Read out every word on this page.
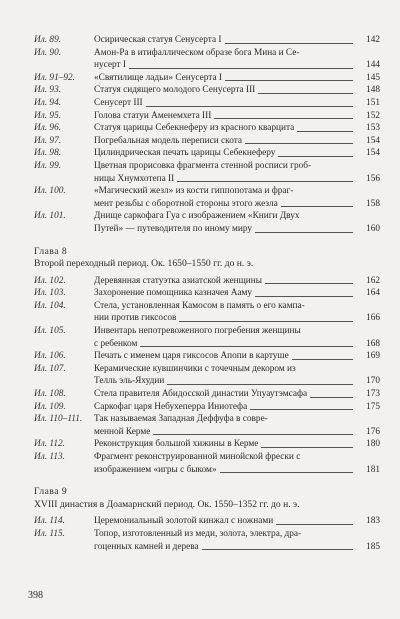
Ил. 89.	Осирическая статуя Сенусерта I	142
Ил. 90.	Амон-Ра в итифаллическом образе бога Мина и Се-
нусерт I	144
Ил. 91–92.	«Святилище ладьи» Сенусерта I	145
Ил. 93.	Статуя сидящего молодого Сенусерта III	148
Ил. 94.	Сенусерт III	151
Ил. 95.	Голова статуи Аменемхета III	152
Ил. 96.	Статуя царицы Себекнеферу из красного кварцита	153
Ил. 97.	Погребальная модель переписи скота	154
Ил. 98.	Цилиндрическая печать царицы Себекнеферу	154
Ил. 99.	Цветная прорисовка фрагмента стенной росписи гроб-
ницы Хнумхотепа II	156
Ил. 100.	«Магический жезл» из кости гиппопотама и фраг-
мент резьбы с оборотной стороны этого жезла	158
Ил. 101.	Днище саркофага Гуа с изображением «Книги Двух
Путей» — путеводителя по иному миру	160
Глава 8
Второй переходный период. Ок. 1650–1550 гг. до н. э.
Ил. 102.	Деревянная статуэтка азиатской женщины	162
Ил. 103.	Захоронение помощника казначея Ааму	164
Ил. 104.	Стела, установленная Камосом в память о его кампа-
нии против гиксосов	166
Ил. 105.	Инвентарь непотревоженного погребения женщины
с ребенком	168
Ил. 106.	Печать с именем царя гиксосов Апопи в картуше	169
Ил. 107.	Керамические кувшинчики с точечным декором из
Телль эль-Яхудии	170
Ил. 108.	Стела правителя Абидосской династии Упуаутэмсафа	173
Ил. 109.	Саркофаг царя Небухеперра Иниотефа	175
Ил. 110–111.	Так называемая Западная Деффуфа в совре-
менной Керме	176
Ил. 112.	Реконструкция большой хижины в Керме	180
Ил. 113.	Фрагмент реконструированной минойской фрески с
изображением «игры с быком»	181
Глава 9
XVIII династия в Доамарнский период. Ок. 1550–1352 гг. до н. э.
Ил. 114.	Церемониальный золотой кинжал с ножнами	183
Ил. 115.	Топор, изготовленный из меди, золота, электра, дра-
гоценных камней и дерева	185
398
